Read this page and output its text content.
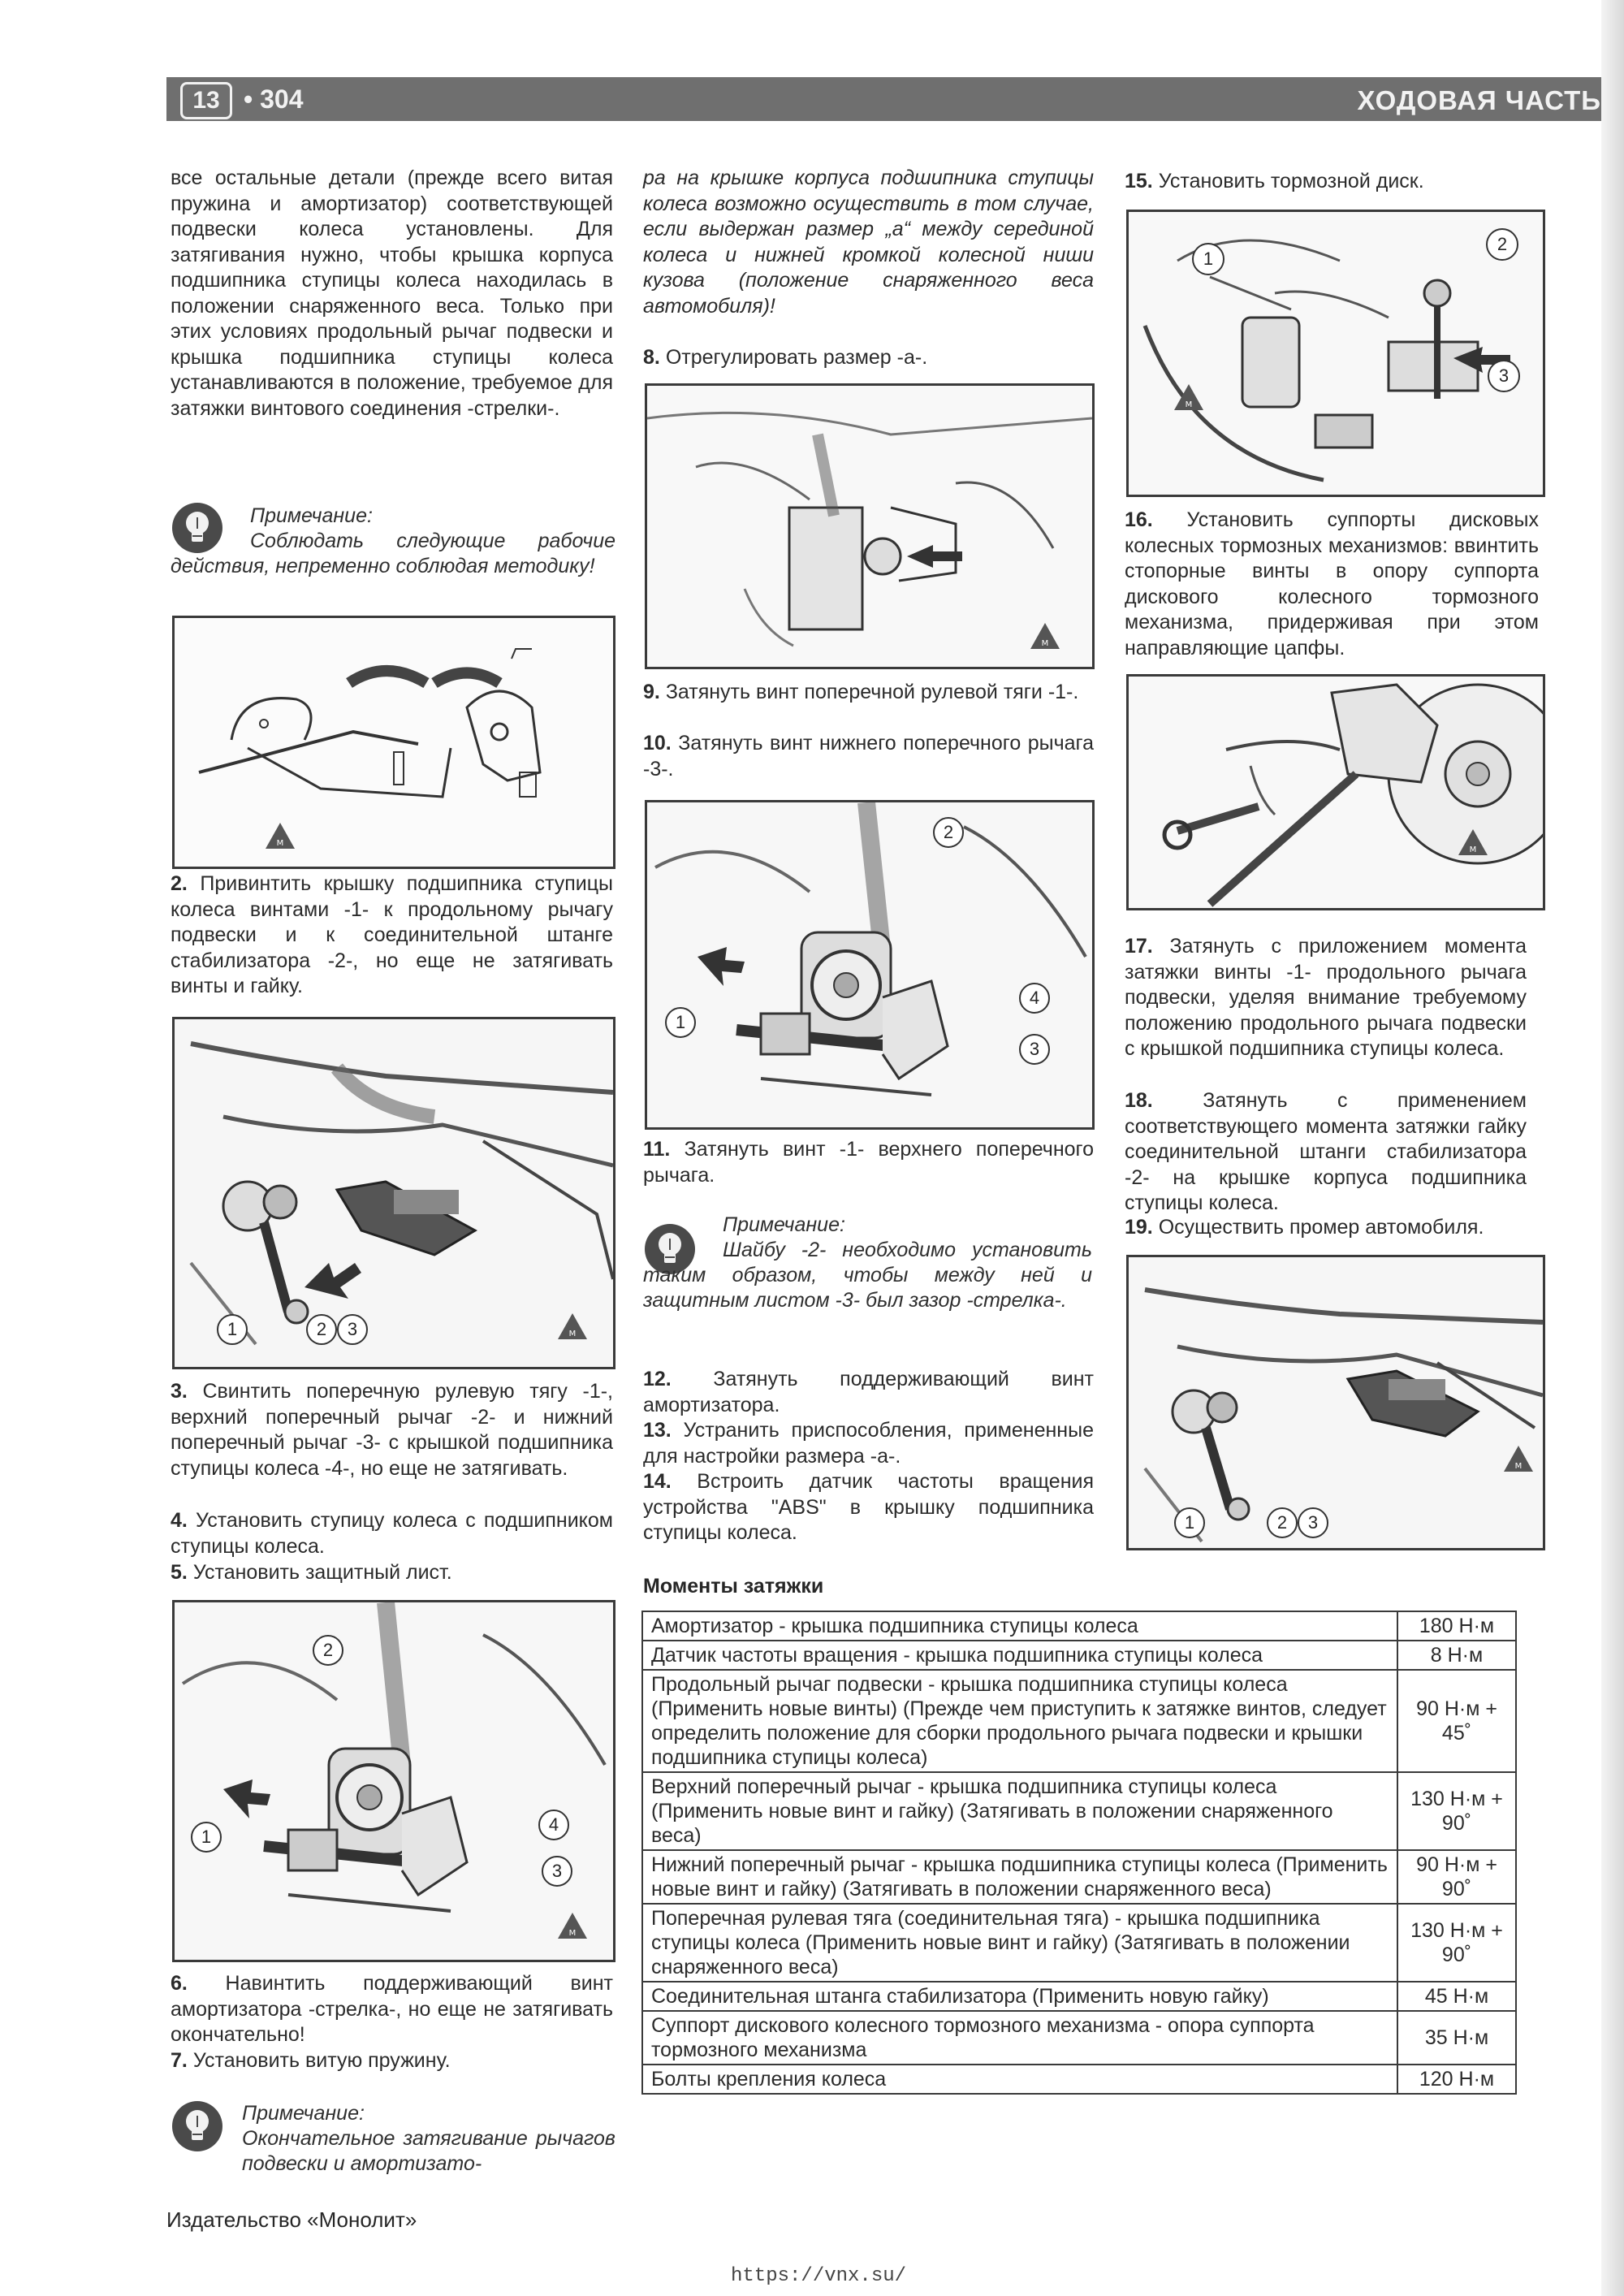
13 • 304	ХОДОВАЯ ЧАСТЬ
все остальные детали (прежде всего витая пружина и амортизатор) соответствующей подвески колеса установлены. Для затягивания нужно, чтобы крышка корпуса подшипника ступицы колеса находилась в положении снаряженного веса. Только при этих условиях продольный рычаг подвески и крышка подшипника ступицы колеса устанавливаются в положение, требуемое для затяжки винтового соединения -стрелки-.
Примечание:
Соблюдать следующие рабочие действия, непременно соблюдая методику!
М
2. Привинтить крышку подшипника ступицы колеса винтами -1- к продольному рычагу подвески и к соединительной штанге стабилизатора -2-, но еще не затягивать винты и гайку.
М
1	2	3
3. Свинтить поперечную рулевую тягу -1-, верхний поперечный рычаг -2- и нижний поперечный рычаг -3- с крышкой подшипника ступицы колеса -4-, но еще не затягивать.
4. Установить ступицу колеса с подшипником ступицы колеса.
5. Установить защитный лист.
2
4
1
3
М
6. Навинтить поддерживающий винт амортизатора -стрелка-, но еще не затягивать окончательно!
7. Установить витую пружину.
Примечание:
Окончательное затягивание рычагов подвески и амортизато-
ра на крышке корпуса подшипника ступицы колеса возможно осуществить в том случае, если выдержан размер „а“ между серединой колеса и нижней кромкой колесной ниши кузова (положение снаряженного веса автомобиля)!
8. Отрегулировать размер -а-.
М
9. Затянуть винт поперечной рулевой тяги -1-.
10. Затянуть винт нижнего поперечного рычага -3-.
2
4
1
3
11. Затянуть винт -1- верхнего поперечного рычага.
Примечание:
Шайбу -2- необходимо установить таким образом, чтобы между ней и защитным листом -3- был зазор -стрелка-.
12. Затянуть поддерживающий винт амортизатора.
13. Устранить приспособления, примененные для настройки размера -а-.
14. Встроить датчик частоты вращения устройства "ABS" в крышку подшипника ступицы колеса.
15. Установить тормозной диск.
1
2
3
М
16. Установить суппорты дисковых колесных тормозных механизмов: ввинтить стопорные винты в опору суппорта дискового колесного тормозного механизма, придерживая при этом направляющие цапфы.
М
17. Затянуть с приложением момента затяжки винты -1- продольного рычага подвески, уделяя внимание требуемому положению продольного рычага подвески с крышкой подшипника ступицы колеса.
18. Затянуть с применением соответствующего момента затяжки гайку соединительной штанги стабилизатора -2- на крышке корпуса подшипника ступицы колеса.
19. Осуществить промер автомобиля.
1	2	3
М
Моменты затяжки
Амортизатор - крышка подшипника ступицы колеса	180 Н·м
Датчик частоты вращения - крышка подшипника ступицы колеса	8 Н·м
Продольный рычаг подвески - крышка подшипника ступицы колеса (Применить новые винты) (Прежде чем приступить к затяжке винтов, следует определить положение для сборки продольного рычага подвески и крышки подшипника ступицы колеса)	90 Н·м + 45˚
Верхний поперечный рычаг - крышка подшипника ступицы колеса (Применить новые винт и гайку) (Затягивать в положении снаряженного веса)	130 Н·м + 90˚
Нижний поперечный рычаг - крышка подшипника ступицы колеса (Применить новые винт и гайку) (Затягивать в положении снаряженного веса)	90 Н·м + 90˚
Поперечная рулевая тяга (соединительная тяга) - крышка подшипника ступицы колеса (Применить новые винт и гайку) (Затягивать в положении снаряженного веса)	130 Н·м + 90˚
Соединительная штанга стабилизатора (Применить новую гайку)	45 Н·м
Суппорт дискового колесного тормозного механизма - опора суппорта тормозного механизма	35 Н·м
Болты крепления колеса	120 Н·м
Издательство «Монолит»
https://vnx.su/
